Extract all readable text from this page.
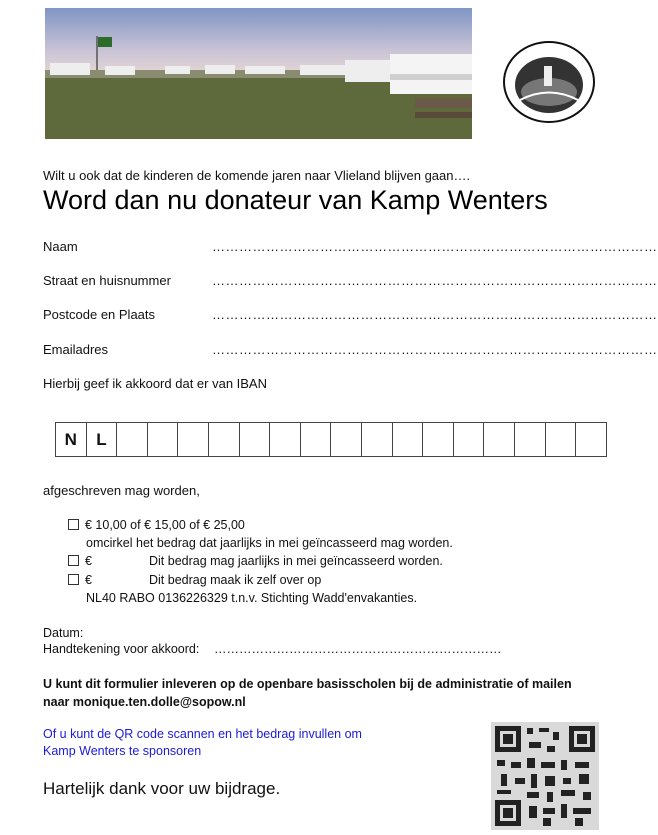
Wilt u ook dat de kinderen de komende jaren naar Vlieland blijven gaan….
Word dan nu donateur van Kamp Wenters
Naam	………………………………………………………………………………………
Straat en huisnummer	………………………………………………………………………………………
Postcode en Plaats	………………………………………………………………………………………
Emailadres	………………………………………………………………………………………
Hierbij geef ik akkoord dat er van IBAN
N	L																
afgeschreven mag worden,
€ 10,00 of € 15,00 of € 25,00
omcirkel het bedrag dat jaarlijks in mei geïncasseerd mag worden.
€	Dit bedrag mag jaarlijks in mei geïncasseerd worden.
€	Dit bedrag maak ik zelf over op
NL40 RABO 0136226329 t.n.v. Stichting Wadd'envakanties.
Datum:
Handtekening voor akkoord: ……………………………………………………………
U kunt dit formulier inleveren op de openbare basisscholen bij de administratie of mailen naar monique.ten.dolle@sopow.nl
Of u kunt de QR code scannen en het bedrag invullen om
Kamp Wenters te sponsoren
Hartelijk dank voor uw bijdrage.
